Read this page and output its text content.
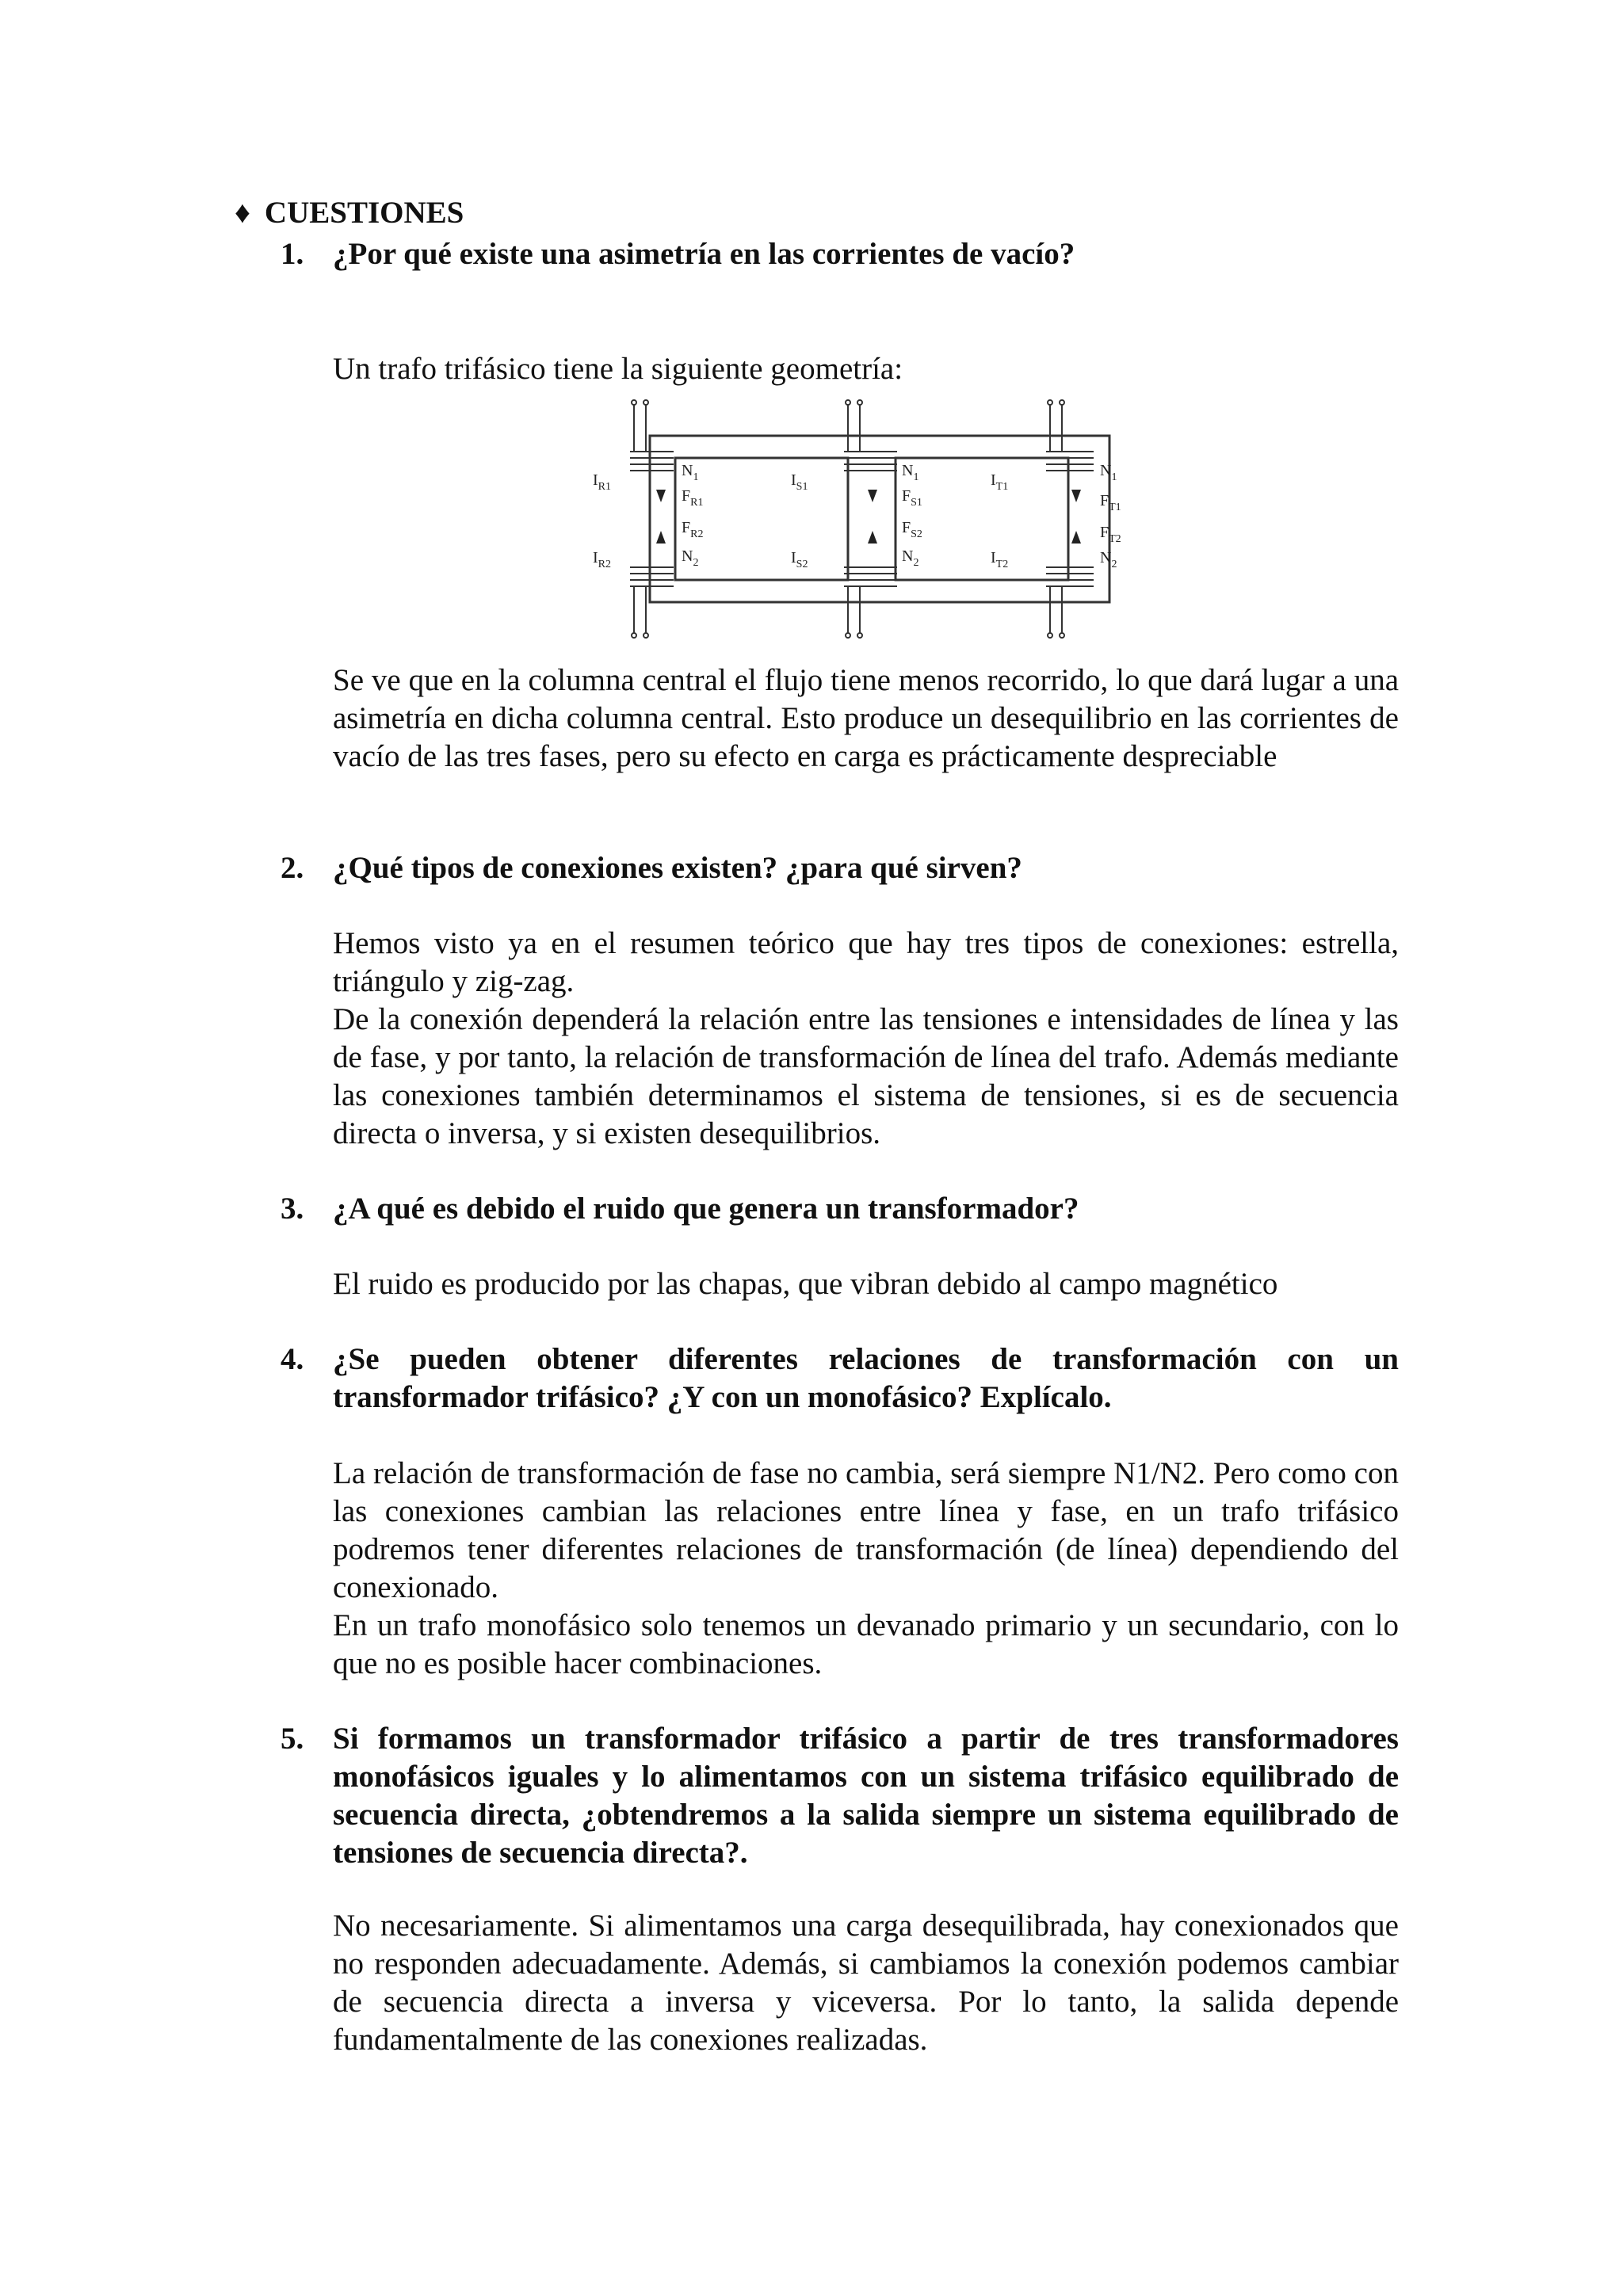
♦ CUESTIONES
1. ¿Por qué existe una asimetría en las corrientes de vacío?

Un trafo trifásico tiene la siguiente geometría:

$I_{R1}$
$I_{R2}$
$N_1$
$F_{R1}$
$F_{R2}$
$N_2$
$I_{S1}$
$I_{S2}$
$N_1$
$F_{S1}$
$F_{S2}$
$N_2$
$I_{T1}$
$I_{T2}$
$N_1$
$F_{T1}$
$F_{T2}$
$N_2$

Se ve que en la columna central el flujo tiene menos recorrido, lo que dará lugar a una asimetría en dicha columna central. Esto produce un desequilibrio en las corrientes de vacío de las tres fases, pero su efecto en carga es prácticamente despreciable

2. ¿Qué tipos de conexiones existen? ¿para qué sirven?

Hemos visto ya en el resumen teórico que hay tres tipos de conexiones: estrella, triángulo y zig-zag.

De la conexión dependerá la relación entre las tensiones e intensidades de línea y las de fase, y por tanto, la relación de transformación de línea del trafo. Además mediante las conexiones también determinamos el sistema de tensiones, si es de secuencia directa o inversa, y si existen desequilibrios.

3. ¿A qué es debido el ruido que genera un transformador?

El ruido es producido por las chapas, que vibran debido al campo magnético

4. ¿Se pueden obtener diferentes relaciones de transformación con un transformador trifásico? ¿Y con un monofásico? Explícalo.

La relación de transformación de fase no cambia, será siempre N1/N2. Pero como con las conexiones cambian las relaciones entre línea y fase, en un trafo trifásico podremos tener diferentes relaciones de transformación (de línea) dependiendo del conexionado.

En un trafo monofásico solo tenemos un devanado primario y un secundario, con lo que no es posible hacer combinaciones.

5. Si formamos un transformador trifásico a partir de tres transformadores monofásicos iguales y lo alimentamos con un sistema trifásico equilibrado de secuencia directa, ¿obtendremos a la salida siempre un sistema equilibrado de tensiones de secuencia directa?.

No necesariamente. Si alimentamos una carga desequilibrada, hay conexionados que no responden adecuadamente. Además, si cambiamos la conexión podemos cambiar de secuencia directa a inversa y viceversa. Por lo tanto, la salida depende fundamentalmente de las conexiones realizadas.
